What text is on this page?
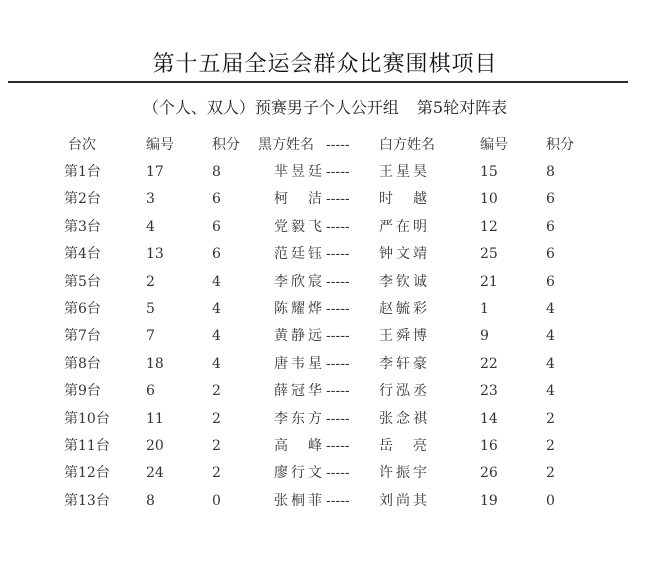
第十五届全运会群众比赛围棋项目
（个人、双人）预赛男子个人公开组 第5轮对阵表
台次	编号	积分 黑方姓名 ----- 白方姓名	编号	积分
第1台	17	8	芈昱廷 ----- 王星昊	15	8
第2台	3	6	柯洁 ----- 时越	10	6
第3台	4	6	党毅飞 ----- 严在明	12	6
第4台	13	6	范廷钰 ----- 钟文靖	25	6
第5台	2	4	李欣宸 ----- 李钦诚	21	6
第6台	5	4	陈耀烨 ----- 赵毓彩	1	4
第7台	7	4	黄静远 ----- 王舜博	9	4
第8台	18	4	唐韦星 ----- 李轩豪	22	4
第9台	6	2	薛冠华 ----- 行泓丞	23	4
第10台	11	2	李东方 ----- 张念祺	14	2
第11台	20	2	高峰 ----- 岳亮	16	2
第12台	24	2	廖行文 ----- 许振宇	26	2
第13台	8	0	张桐菲 ----- 刘尚其	19	0
